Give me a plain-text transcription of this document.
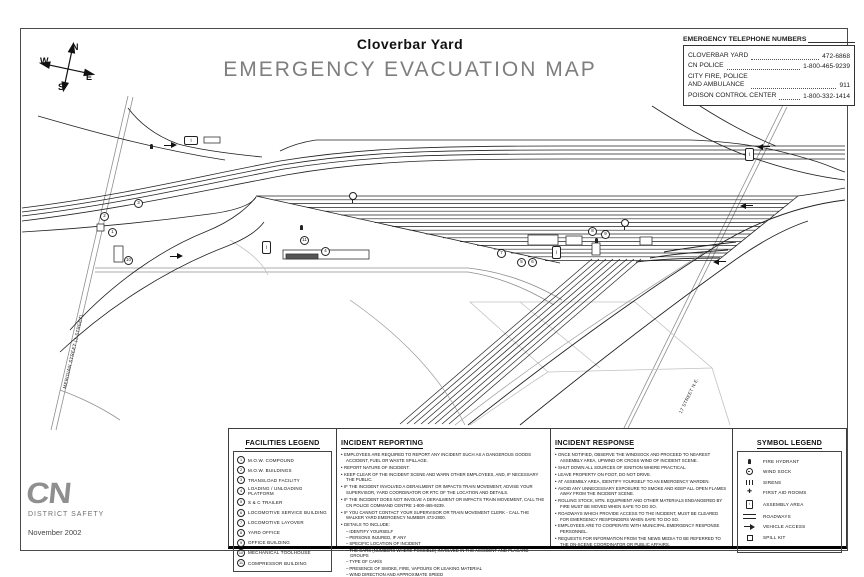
MERIDIAN STREET (1 STREET)
17 STREET N.E.
1
2
3
4
5	6
7
8
9
10
11
i
i
i
i
N
W
E
S
Cloverbar Yard
EMERGENCY EVACUATION MAP
EMERGENCY TELEPHONE NUMBERS
CLOVERBAR YARD	472-6868
CN POLICE	1-800-465-9239
CITY FIRE, POLICE
AND AMBULANCE	911
POISON CONTROL CENTER	1-800-332-1414
FACILITIES LEGEND
1	M.O.W. COMPOUND
2	M.O.W. BUILDINGS
3	TRANSLOAD FACILITY
4	LOADING / UNLOADING PLATFORM
5	S & C TRAILER
6	LOCOMOTIVE SERVICE BUILDING
7	LOCOMOTIVE LAYOVER
8	YARD OFFICE
9	OFFICE BUILDING
10	MECHANICAL TOOLHOUSE
11	COMPRESSOR BUILDING
INCIDENT REPORTING
• EMPLOYEES ARE REQUIRED TO REPORT ANY INCIDENT SUCH AS A DANGEROUS GOODS ACCIDENT, FUEL OR WASTE SPILLAGE.
• REPORT NATURE OF INCIDENT.
• KEEP CLEAR OF THE INCIDENT SCENE AND WARN OTHER EMPLOYEES, AND, IF NECESSARY THE PUBLIC.
• IF THE INCIDENT INVOLVED A DERAILMENT OR IMPACTS TRAIN MOVEMENT, ADVISE YOUR SUPERVISOR, YARD COORDINATOR OR RTC OF THE LOCATION AND DETAILS.
• IF THE INCIDENT DOES NOT INVOLVE A DERAILMENT OR IMPACTS TRAIN MOVEMENT, CALL THE CN POLICE COMMAND CENTRE 1-800-465-9239.
• IF YOU CANNOT CONTACT YOUR SUPERVISOR OR TRAIN MOVEMENT CLERK - CALL THE WALKER YARD EMERGENCY NUMBER 473-2800.
• DETAILS TO INCLUDE:
– IDENTIFY YOURSELF
– PERSONS INJURED, IF ANY
– SPECIFIC LOCATION OF INCIDENT
– THE CARS (NUMBERS WHERE POSSIBLE) INVOLVED IN THE ACCIDENT AND PLACARD GROUPS
– TYPE OF CAR/S
– PRESENCE OF SMOKE, FIRE, VAPOURS OR LEAKING MATERIAL
– WIND DIRECTION AND APPROXIMATE SPEED
INCIDENT RESPONSE
• ONCE NOTIFIED, OBSERVE THE WINDSOCK AND PROCEED TO NEAREST ASSEMBLY AREA, UPWIND OR CROSS WIND OF INCIDENT SCENE.
• SHUT DOWN ALL SOURCES OF IGNITION WHERE PRACTICAL.
• LEAVE PROPERTY ON FOOT, DO NOT DRIVE.
• AT ASSEMBLY AREA, IDENTIFY YOURSELF TO AN EMERGENCY WARDEN.
• AVOID ANY UNNECESSARY EXPOSURE TO SMOKE AND KEEP ALL OPEN FLAMES AWAY FROM THE INCIDENT SCENE.
• ROLLING STOCK, MTN. EQUIPMENT AND OTHER MATERIALS ENDANGERED BY FIRE MUST BE MOVED WHEN SAFE TO DO SO.
• ROADWAYS WHICH PROVIDE ACCESS TO THE INCIDENT, MUST BE CLEARED FOR EMERGENCY RESPONDERS WHEN SAFE TO DO SO.
• EMPLOYEES ARE TO COOPERATE WITH MUNICIPAL EMERGENCY RESPONSE PERSONNEL.
• REQUESTS FOR INFORMATION FROM THE NEWS MEDIA TO BE REFERRED TO THE ON-SCENE COORDINATOR OR PUBLIC AFFAIRS.
SYMBOL LEGEND
FIRE HYDRANT
WIND SOCK
SIRENS
✚ FIRST AID ROOMS
i	ASSEMBLY AREA
ROADWAYS
VEHICLE ACCESS
SPILL KIT
CN
DISTRICT SAFETY
November 2002
